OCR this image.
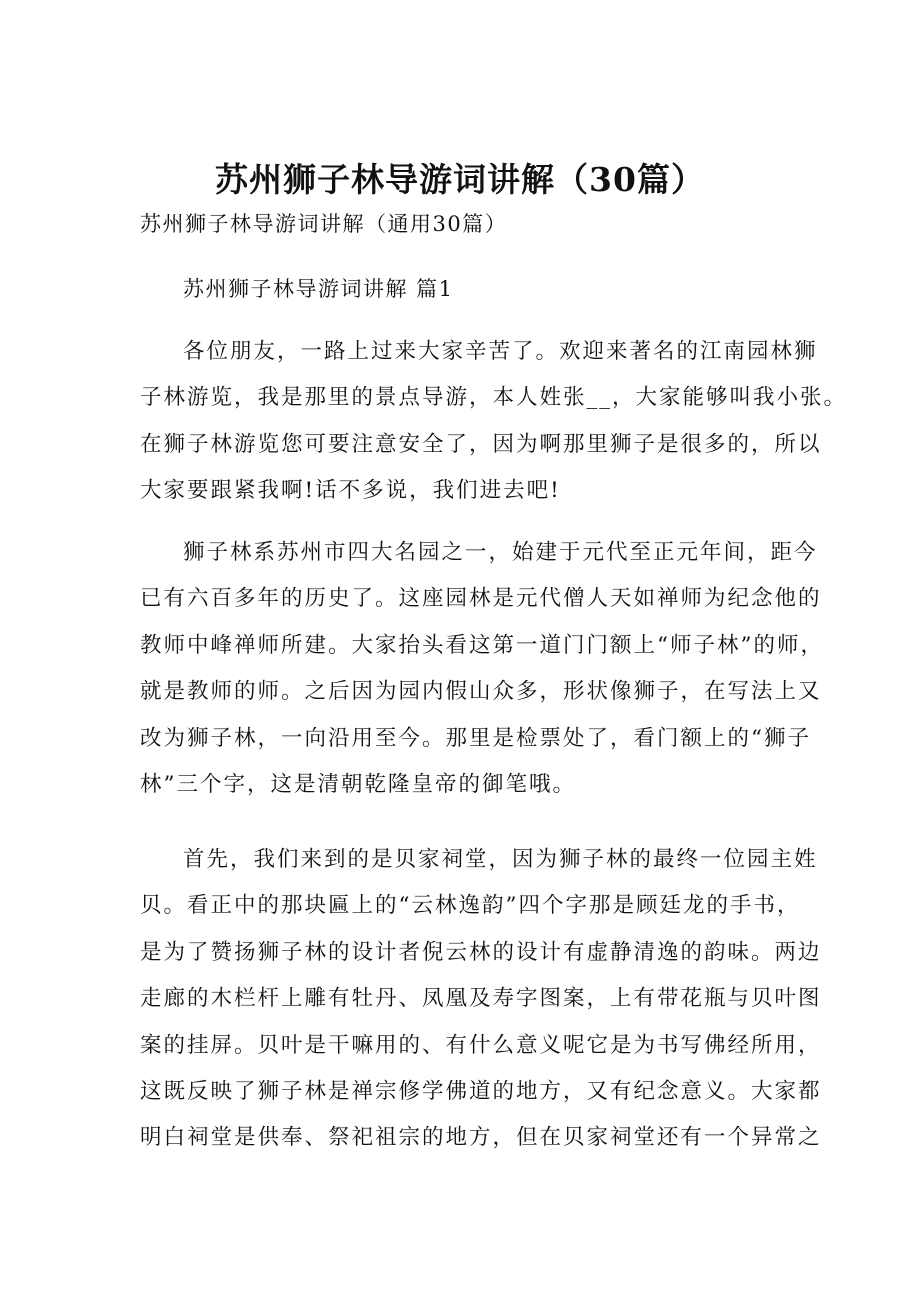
苏州狮子林导游词讲解（30篇）
苏州狮子林导游词讲解（通用30篇）
苏州狮子林导游词讲解 篇1
各位朋友，一路上过来大家辛苦了。欢迎来著名的江南园林狮
子林游览，我是那里的景点导游，本人姓张__，大家能够叫我小张。
在狮子林游览您可要注意安全了，因为啊那里狮子是很多的，所以
大家要跟紧我啊!话不多说，我们进去吧!
狮子林系苏州市四大名园之一，始建于元代至正元年间，距今
已有六百多年的历史了。这座园林是元代僧人天如禅师为纪念他的
教师中峰禅师所建。大家抬头看这第一道门门额上“师子林”的师，
就是教师的师。之后因为园内假山众多，形状像狮子，在写法上又
改为狮子林，一向沿用至今。那里是检票处了，看门额上的“狮子
林”三个字，这是清朝乾隆皇帝的御笔哦。
首先，我们来到的是贝家祠堂，因为狮子林的最终一位园主姓
贝。看正中的那块匾上的“云林逸韵”四个字那是顾廷龙的手书，
是为了赞扬狮子林的设计者倪云林的设计有虚静清逸的韵味。两边
走廊的木栏杆上雕有牡丹、凤凰及寿字图案，上有带花瓶与贝叶图
案的挂屏。贝叶是干嘛用的、有什么意义呢它是为书写佛经所用，
这既反映了狮子林是禅宗修学佛道的地方，又有纪念意义。大家都
明白祠堂是供奉、祭祀祖宗的地方，但在贝家祠堂还有一个异常之
